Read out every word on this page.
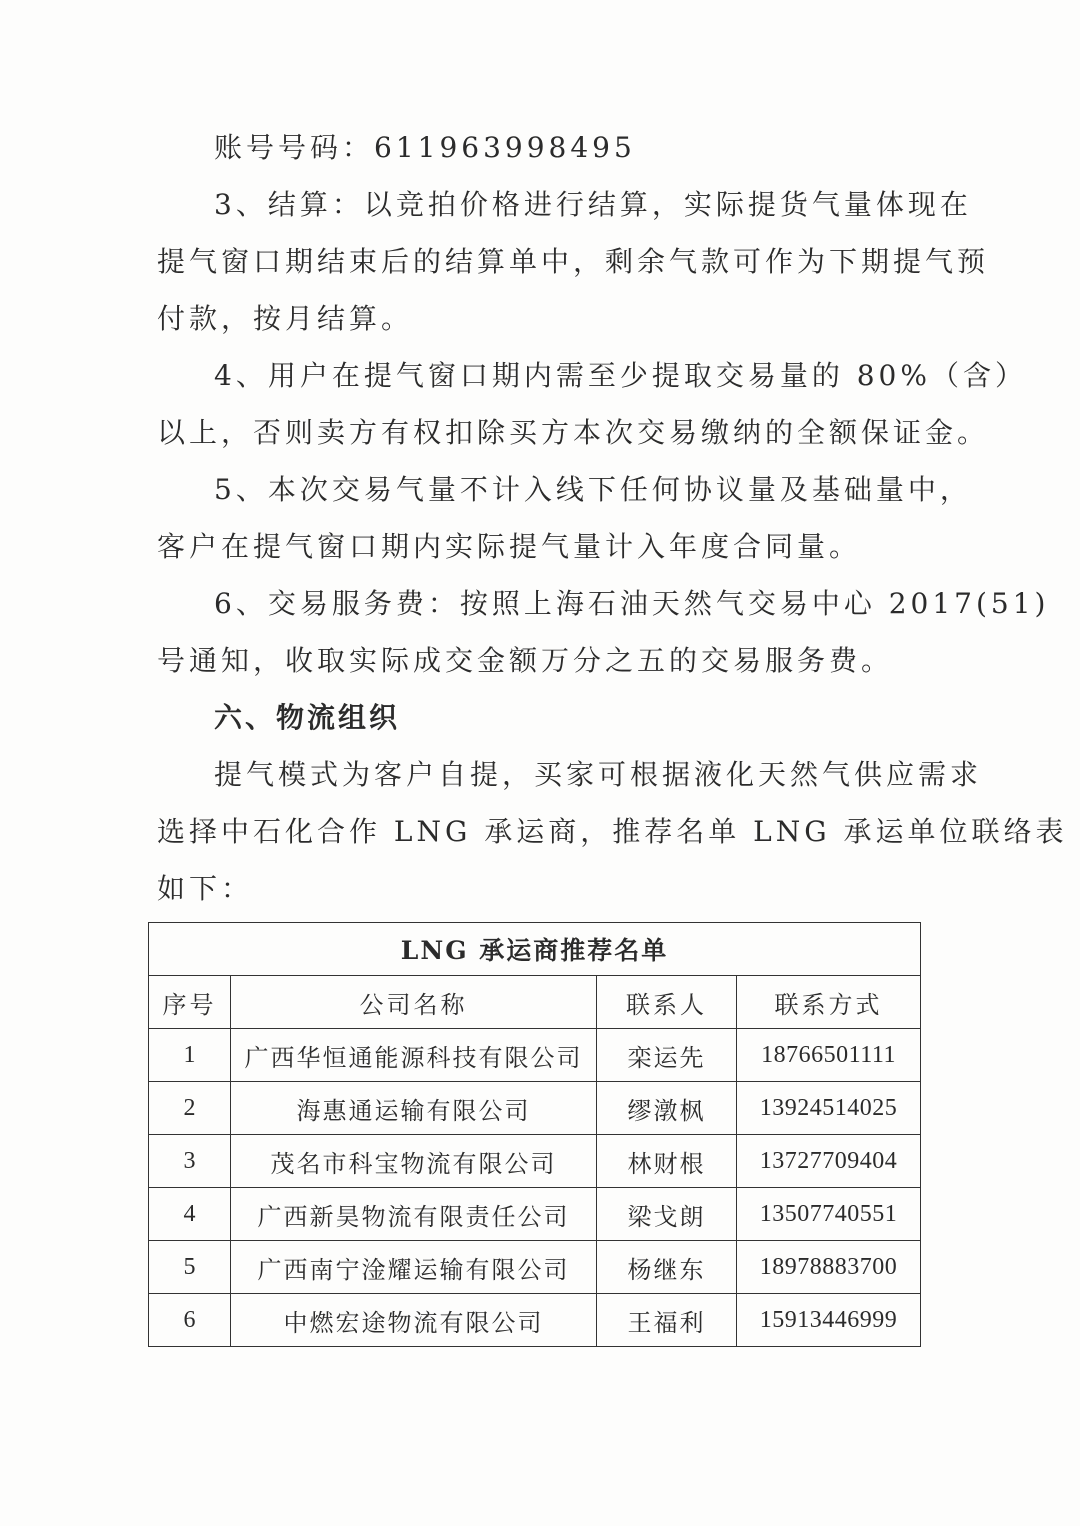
账号号码：611963998495
3、结算：以竞拍价格进行结算，实际提货气量体现在
提气窗口期结束后的结算单中，剩余气款可作为下期提气预
付款，按月结算。
4、用户在提气窗口期内需至少提取交易量的 80%（含）
以上，否则卖方有权扣除买方本次交易缴纳的全额保证金。
5、本次交易气量不计入线下任何协议量及基础量中，
客户在提气窗口期内实际提气量计入年度合同量。
6、交易服务费：按照上海石油天然气交易中心 2017(51)
号通知，收取实际成交金额万分之五的交易服务费。
六、物流组织
提气模式为客户自提，买家可根据液化天然气供应需求
选择中石化合作 LNG 承运商，推荐名单 LNG 承运单位联络表
如下：
LNG 承运商推荐名单			
序号	公司名称	联系人	联系方式
1	广西华恒通能源科技有限公司	栾运先	18766501111
2	海惠通运输有限公司	缪潡枫	13924514025
3	茂名市科宝物流有限公司	林财根	13727709404
4	广西新昊物流有限责任公司	梁戈朗	13507740551
5	广西南宁淦耀运输有限公司	杨继东	18978883700
6	中燃宏途物流有限公司	王福利	15913446999
